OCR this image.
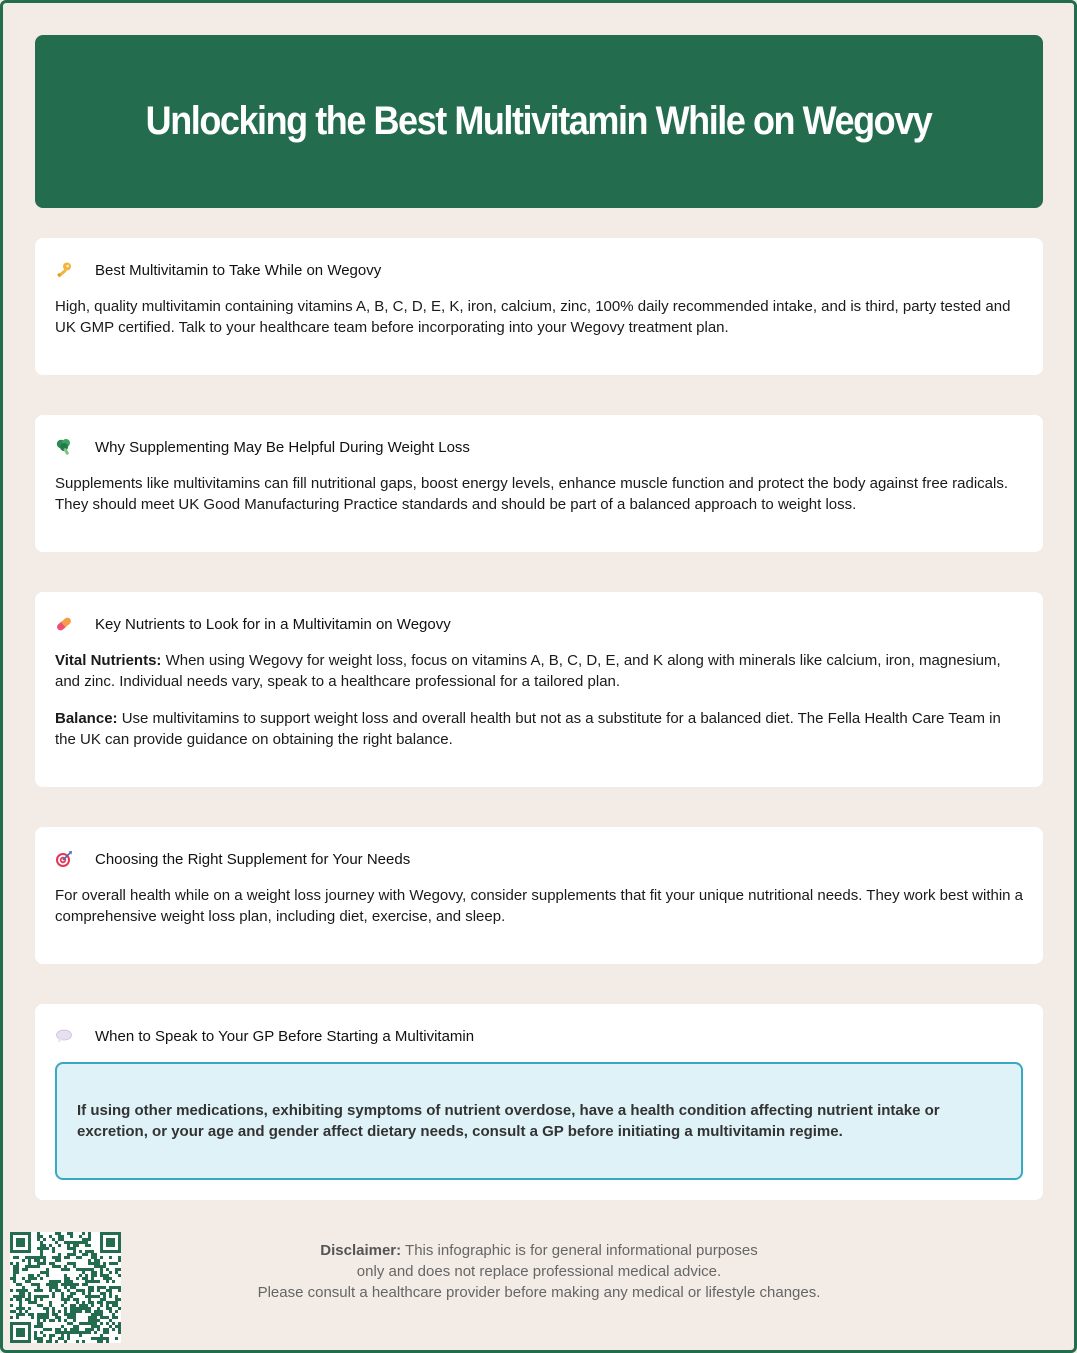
Unlocking the Best Multivitamin While on Wegovy
Best Multivitamin to Take While on Wegovy

High, quality multivitamin containing vitamins A, B, C, D, E, K, iron, calcium, zinc, 100% daily recommended intake, and is third, party tested and UK GMP certified. Talk to your healthcare team before incorporating into your Wegovy treatment plan.

Why Supplementing May Be Helpful During Weight Loss

Supplements like multivitamins can fill nutritional gaps, boost energy levels, enhance muscle function and protect the body against free radicals. They should meet UK Good Manufacturing Practice standards and should be part of a balanced approach to weight loss.

Key Nutrients to Look for in a Multivitamin on Wegovy

Vital Nutrients: When using Wegovy for weight loss, focus on vitamins A, B, C, D, E, and K along with minerals like calcium, iron, magnesium, and zinc. Individual needs vary, speak to a healthcare professional for a tailored plan.

Balance: Use multivitamins to support weight loss and overall health but not as a substitute for a balanced diet. The Fella Health Care Team in the UK can provide guidance on obtaining the right balance.

Choosing the Right Supplement for Your Needs

For overall health while on a weight loss journey with Wegovy, consider supplements that fit your unique nutritional needs. They work best within a comprehensive weight loss plan, including diet, exercise, and sleep.

When to Speak to Your GP Before Starting a Multivitamin

If using other medications, exhibiting symptoms of nutrient overdose, have a health condition affecting nutrient intake or excretion, or your age and gender affect dietary needs, consult a GP before initiating a multivitamin regime.

Disclaimer: This infographic is for general informational purposes
only and does not replace professional medical advice.
Please consult a healthcare provider before making any medical or lifestyle changes.
